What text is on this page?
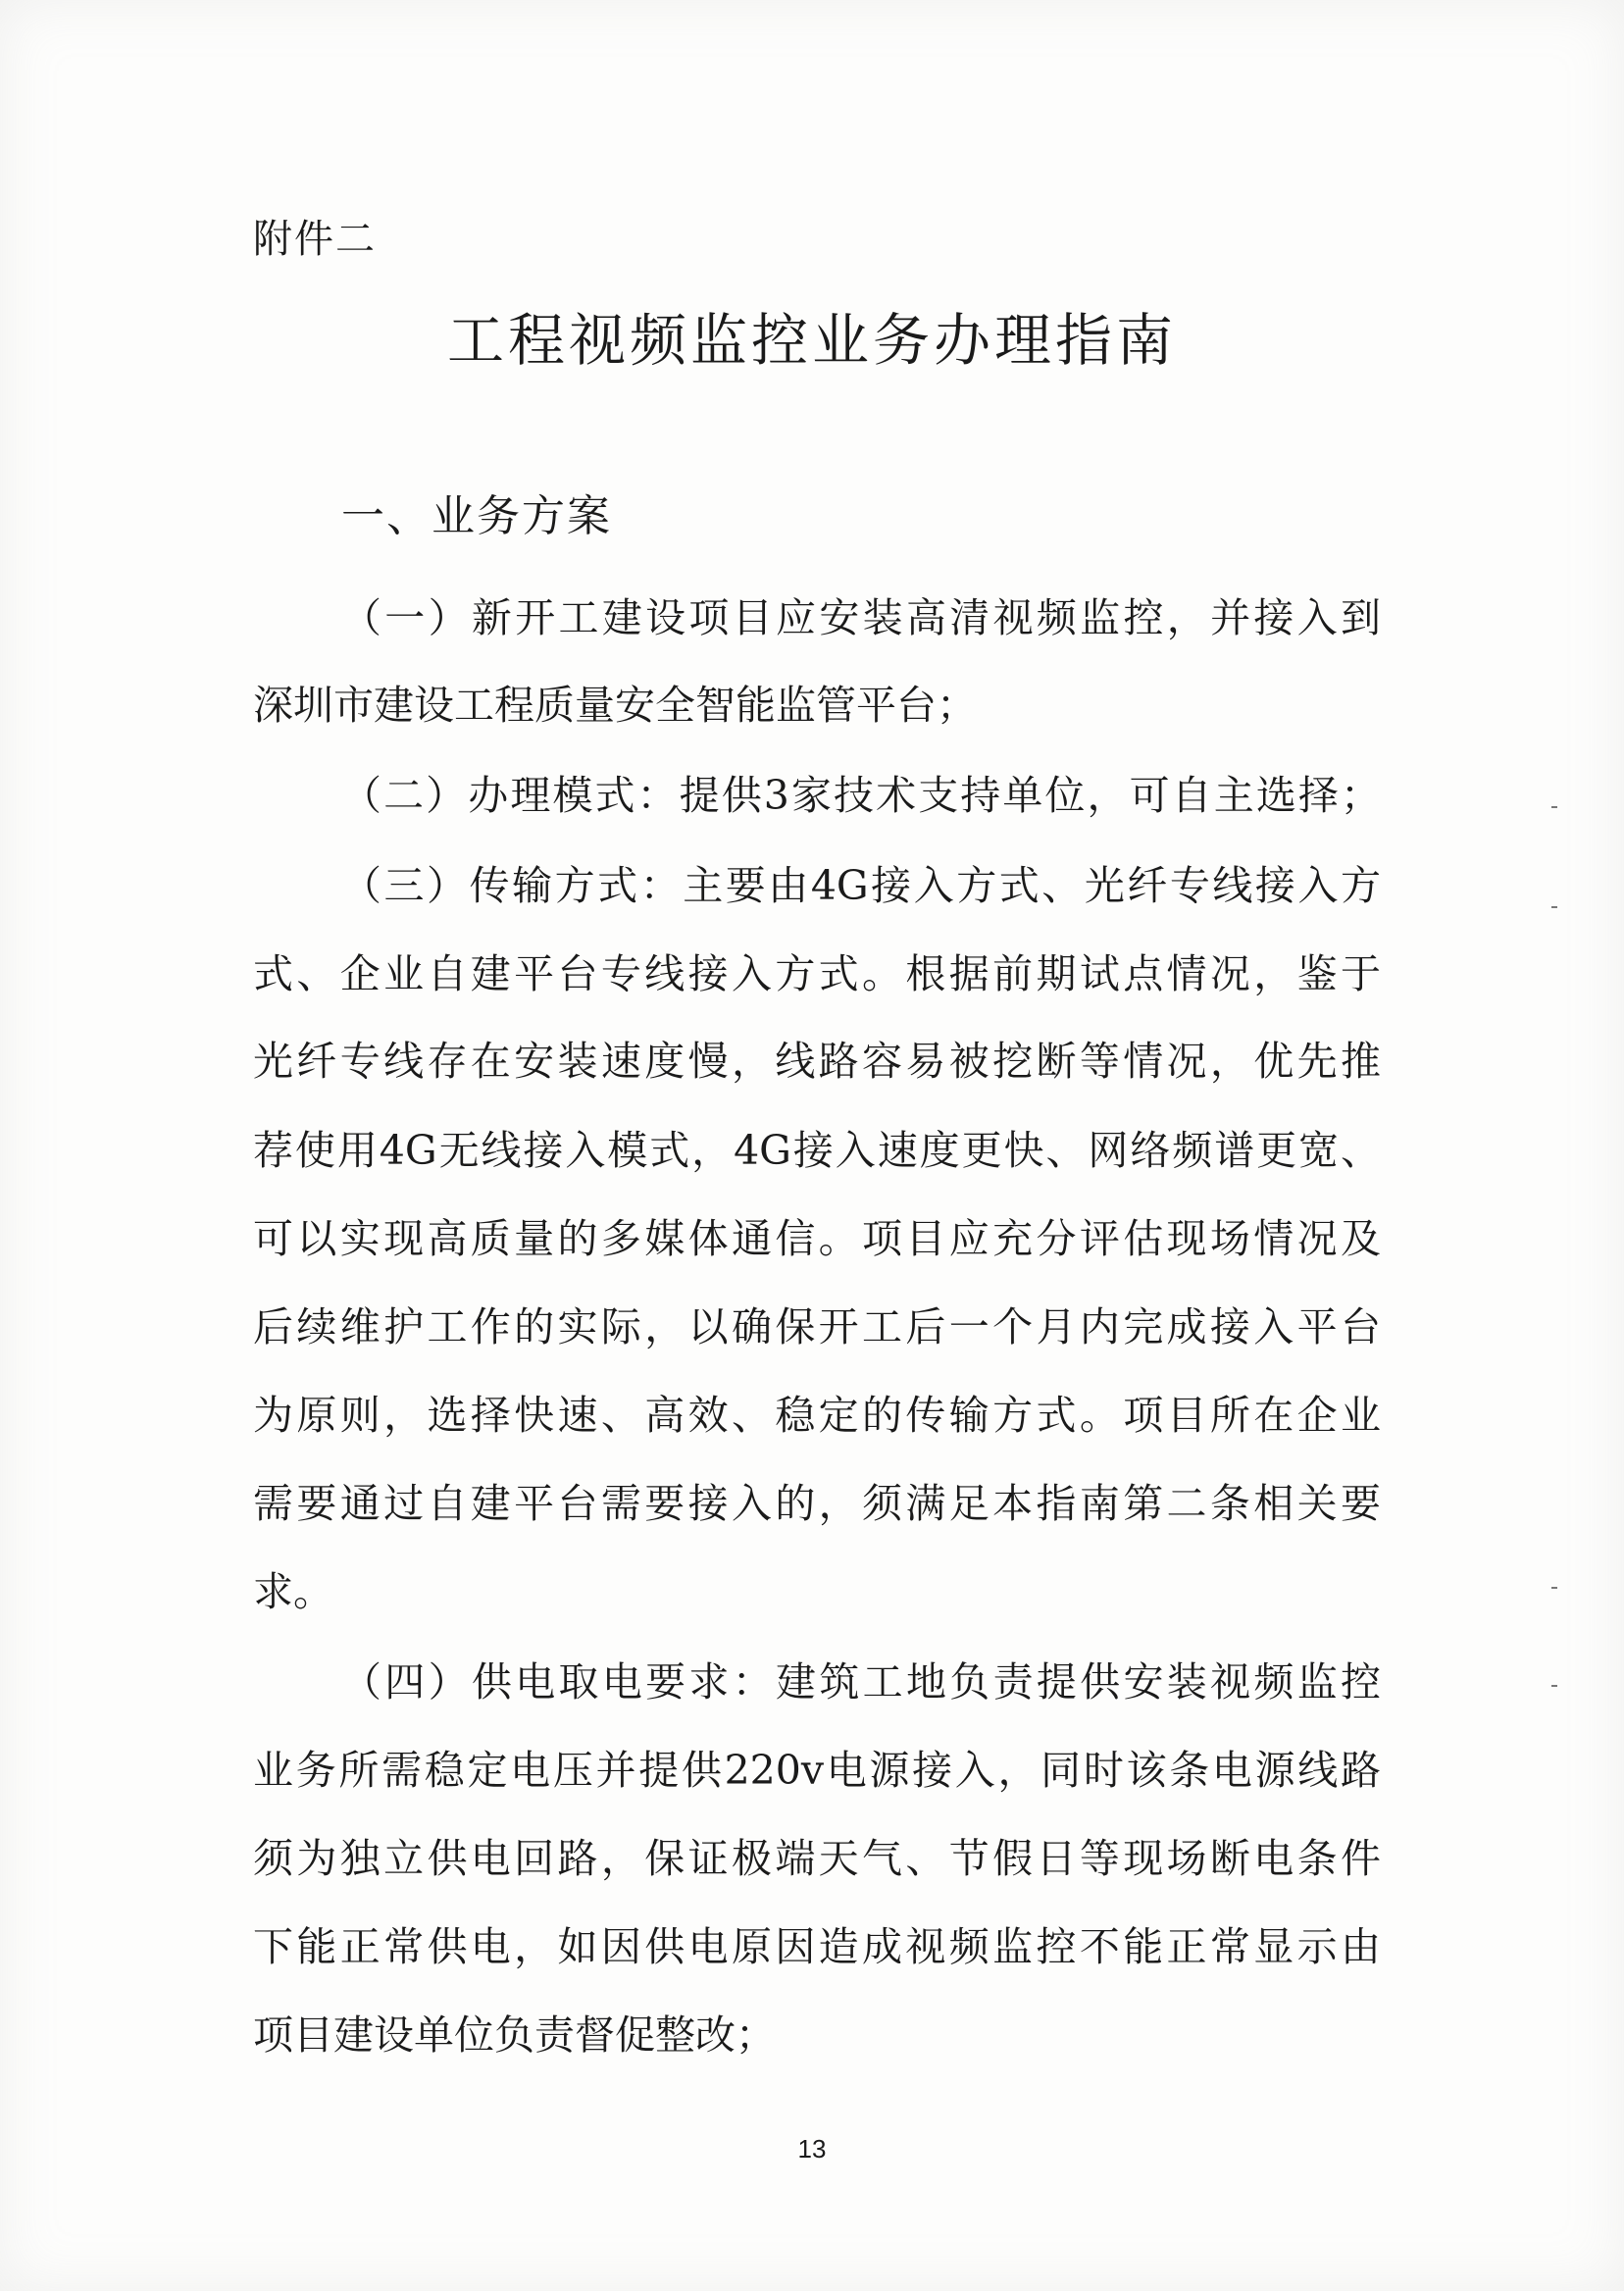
附件二
工程视频监控业务办理指南
一、业务方案
（一）新开工建设项目应安装高清视频监控，并接入到
深圳市建设工程质量安全智能监管平台；
（二）办理模式：提供3家技术支持单位，可自主选择；
（三）传输方式：主要由4G接入方式、光纤专线接入方
式、企业自建平台专线接入方式。根据前期试点情况，鉴于
光纤专线存在安装速度慢，线路容易被挖断等情况，优先推
荐使用4G无线接入模式，4G接入速度更快、网络频谱更宽、
可以实现高质量的多媒体通信。项目应充分评估现场情况及
后续维护工作的实际，以确保开工后一个月内完成接入平台
为原则，选择快速、高效、稳定的传输方式。项目所在企业
需要通过自建平台需要接入的，须满足本指南第二条相关要
求。
（四）供电取电要求：建筑工地负责提供安装视频监控
业务所需稳定电压并提供220v电源接入，同时该条电源线路
须为独立供电回路，保证极端天气、节假日等现场断电条件
下能正常供电，如因供电原因造成视频监控不能正常显示由
项目建设单位负责督促整改；
13
